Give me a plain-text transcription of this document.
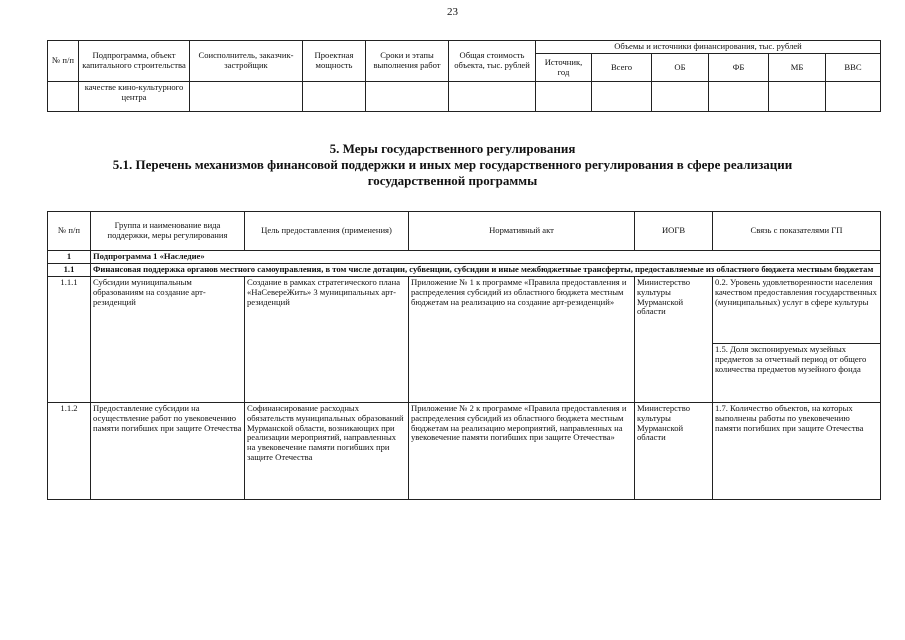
23
№ п/п	Подпрограмма, объект капитального строительства	Соисполнитель, заказчик-застройщик	Проектная мощность	Сроки и этапы выполнения работ	Общая стоимость объекта, тыс. рублей	Объемы и источники финансирования, тыс. рублей					
						Источник, год	Всего	ОБ	ФБ	МБ	ВВС
	качестве кино-культурного центра										
5. Меры государственного регулирования
5.1. Перечень механизмов финансовой поддержки и иных мер государственного регулирования в сфере реализации государственной программы
№ п/п	Группа и наименование вида поддержки, меры регулирования	Цель предоставления (применения)	Нормативный акт	ИОГВ	Связь с показателями ГП
1	Подпрограмма 1 «Наследие»				
1.1	Финансовая поддержка органов местного самоуправления, в том числе дотации, субвенции, субсидии и иные межбюджетные трансферты, предоставляемые из областного бюджета местным бюджетам				
1.1.1	Субсидии муниципальным образованиям на создание арт-резиденций	Создание в рамках стратегического плана «НаСевереЖить» 3 муниципальных арт-резиденций	Приложение № 1 к программе «Правила предоставления и распределения субсидий из областного бюджета местным бюджетам на реализацию на создание арт-резиденций»	Министерство культуры Мурманской области	0.2. Уровень удовлетворенности населения качеством предоставления государственных (муниципальных) услуг в сфере культуры
					1.5. Доля экспонируемых музейных предметов за отчетный период от общего количества предметов музейного фонда
1.1.2	Предоставление субсидии на осуществление работ по увековечению памяти погибших при защите Отечества	Софинансирование расходных обязательств муниципальных образований Мурманской области, возникающих при реализации мероприятий, направленных на увековечение памяти погибших при защите Отечества	Приложение № 2 к программе «Правила предоставления и распределения субсидий из областного бюджета местным бюджетам на реализацию мероприятий, направленных на увековечение памяти погибших при защите Отечества»	Министерство культуры Мурманской области	1.7. Количество объектов, на которых выполнены работы по увековечению памяти погибших при защите Отечества
